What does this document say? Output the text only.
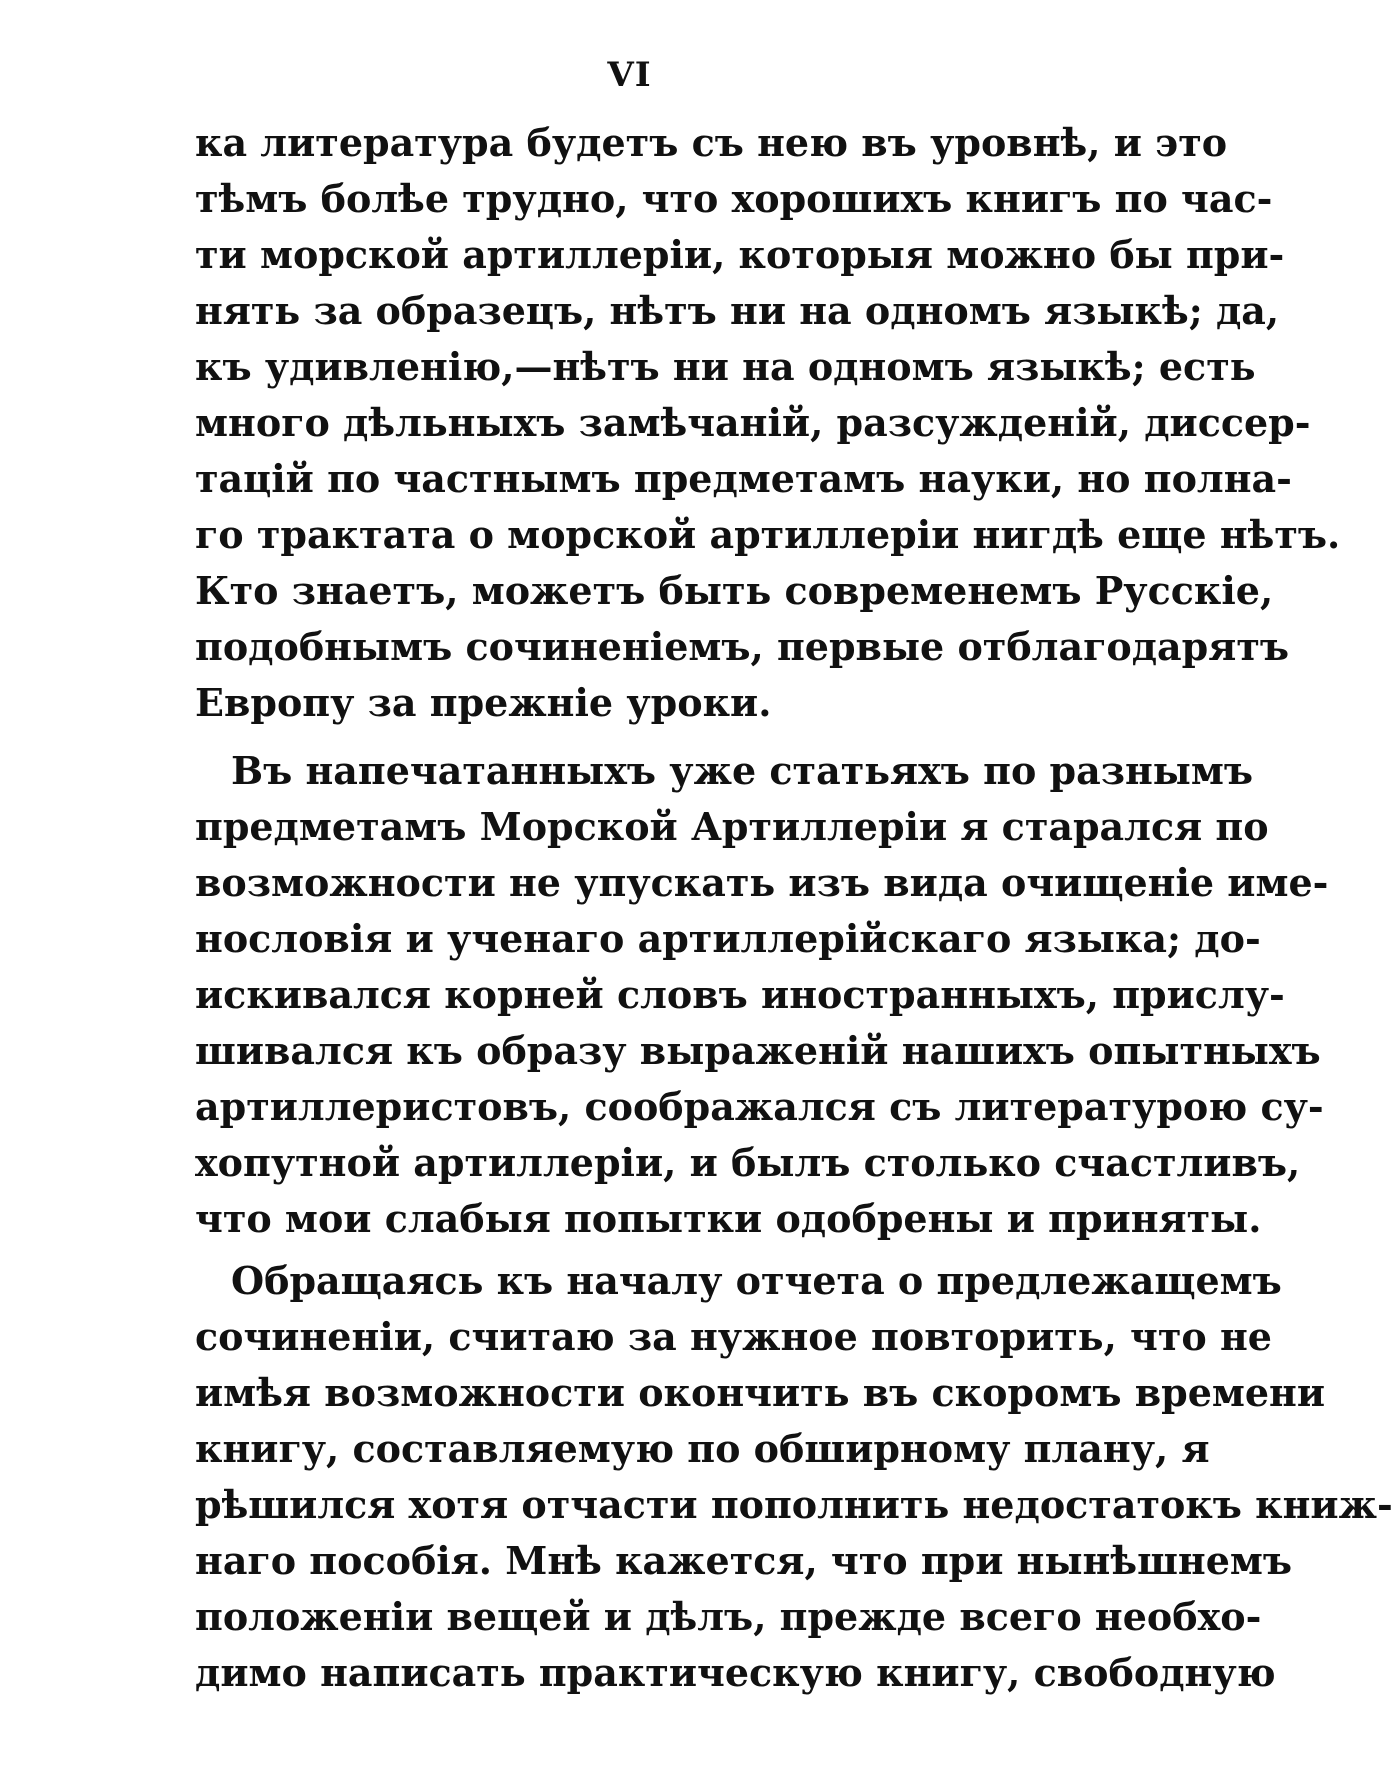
VI
ка литература будетъ съ нею въ уровнѣ, и это
тѣмъ болѣе трудно, что хорошихъ книгъ по час-
ти морской артиллеріи, которыя можно бы при-
нять за образецъ, нѣтъ ни на одномъ языкѣ; да,
къ удивленію,—нѣтъ ни на одномъ языкѣ; есть
много дѣльныхъ замѣчаній, разсужденій, диссер-
тацій по частнымъ предметамъ науки, но полна-
го трактата о морской артиллеріи нигдѣ еще нѣтъ.
Кто знаетъ, можетъ быть современемъ Русскіе,
подобнымъ сочиненіемъ, первые отблагодарятъ
Европу за прежніе уроки.
Въ напечатанныхъ уже статьяхъ по разнымъ
предметамъ Морской Артиллеріи я старался по
возможности не упускать изъ вида очищеніе име-
нословія и ученаго артиллерійскаго языка; до-
искивался корней словъ иностранныхъ, прислу-
шивался къ образу выраженій нашихъ опытныхъ
артиллеристовъ, соображался съ литературою су-
хопутной артиллеріи, и былъ столько счастливъ,
что мои слабыя попытки одобрены и приняты.
Обращаясь къ началу отчета о предлежащемъ
сочиненіи, считаю за нужное повторить, что не
имѣя возможности окончить въ скоромъ времени
книгу, составляемую по обширному плану, я
рѣшился хотя отчасти пополнить недостатокъ книж-
наго пособія. Мнѣ кажется, что при нынѣшнемъ
положеніи вещей и дѣлъ, прежде всего необхо-
димо написать практическую книгу, свободную
